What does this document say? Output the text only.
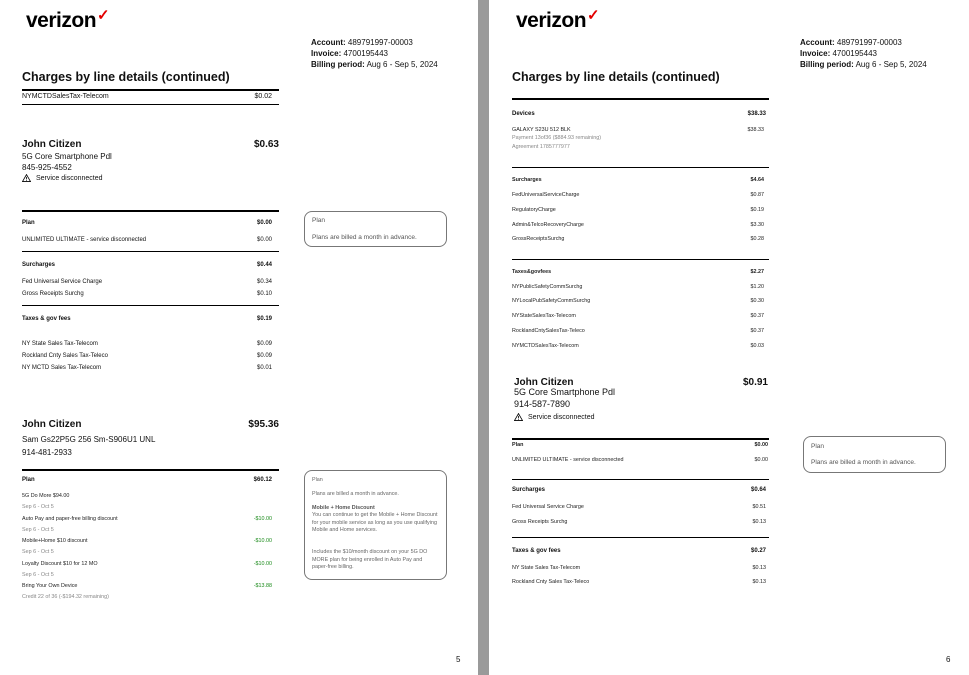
verizon✓
Account: 489791997-00003
Invoice: 4700195443
Billing period: Aug 6 - Sep 5, 2024
Charges by line details (continued)
NYMCTDSalesTax-Telecom	$0.02
John Citizen	$0.63
5G Core Smartphone Pdl
845-925-4552
Service disconnected
Plan	$0.00
UNLIMITED ULTIMATE - service disconnected	$0.00
Surcharges	$0.44
Fed Universal Service Charge	$0.34
Gross Receipts Surchg	$0.10
Taxes & gov fees	$0.19
NY State Sales Tax-Telecom	$0.09
Rockland Cnty Sales Tax-Teleco	$0.09
NY MCTD Sales Tax-Telecom	$0.01
Plan
Plans are billed a month in advance.
John Citizen	$95.36
Sam Gs22P5G 256 Sm-S906U1 UNL
914-481-2933
Plan	$60.12
5G Do More $94.00
Sep 6 - Oct 5
Auto Pay and paper-free billing discount	-$10.00
Sep 6 - Oct 5
Mobile+Home $10 discount	-$10.00
Sep 6 - Oct 5
Loyalty Discount $10 for 12 MO	-$10.00
Sep 6 - Oct 5
Bring Your Own Device	-$13.88
Credit 22 of 36 (-$194.32 remaining)
Plan
Plans are billed a month in advance.
Mobile + Home Discount
You can continue to get the Mobile + Home Discount for your mobile service as long as you use qualifying Mobile and Home services.
Includes the $10/month discount on your 5G DO MORE plan for being enrolled in Auto Pay and paper-free billing.
5
verizon✓
Account: 489791997-00003
Invoice: 4700195443
Billing period: Aug 6 - Sep 5, 2024
Charges by line details (continued)
Devices	$38.33
GALAXY S23U 512 BLK	$38.33
Payment 13of36 ($884.93 remaining)
Agreement 1785777977
Surcharges	$4.64
FedUniversalServiceCharge	$0.87
RegulatoryCharge	$0.19
Admin&TelcoRecoveryCharge	$3.30
GrossReceiptsSurchg	$0.28
Taxes&govfees	$2.27
NYPublicSafetyCommSurchg	$1.20
NYLocalPubSafetyCommSurchg	$0.30
NYStateSalesTax-Telecom	$0.37
RocklandCntySalesTax-Teleco	$0.37
NYMCTDSalesTax-Telecom	$0.03
John Citizen	$0.91
5G Core Smartphone Pdl
914-587-7890
Service disconnected
Plan	$0.00
UNLIMITED ULTIMATE - service disconnected	$0.00
Surcharges	$0.64
Fed Universal Service Charge	$0.51
Gross Receipts Surchg	$0.13
Taxes & gov fees	$0.27
NY State Sales Tax-Telecom	$0.13
Rockland Cnty Sales Tax-Teleco	$0.13
Plan
Plans are billed a month in advance.
6
